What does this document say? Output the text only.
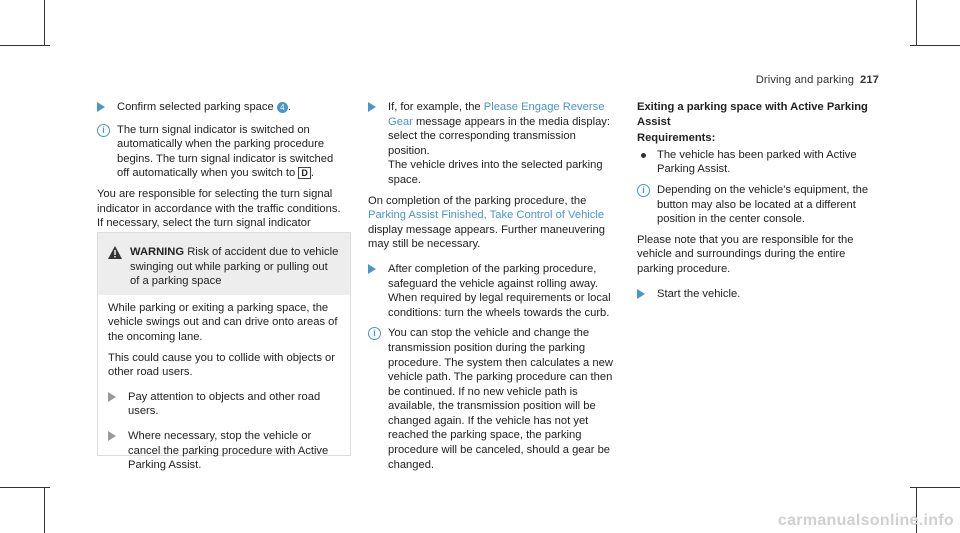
Driving and parking 217
Confirm selected parking space 4 .
i	The turn signal indicator is switched on automatically when the parking procedure begins. The turn signal indicator is switched off automatically when you switch to D .

You are responsible for selecting the turn signal indicator in accordance with the traffic conditions. If necessary, select the turn signal indicator

WARNING Risk of accident due to vehicle swinging out while parking or pulling out of a parking space

While parking or exiting a parking space, the vehicle swings out and can drive onto areas of the oncoming lane.

This could cause you to collide with objects or other road users.

Pay attention to objects and other road users.
Where necessary, stop the vehicle or cancel the parking procedure with Active Parking Assist.
If, for example, the Please Engage Reverse Gear message appears in the media display: select the corresponding transmission position.
The vehicle drives into the selected parking space.

On completion of the parking procedure, the Parking Assist Finished, Take Control of Vehicle display message appears. Further maneuvering may still be necessary.

After completion of the parking procedure, safeguard the vehicle against rolling away.
When required by legal requirements or local conditions: turn the wheels towards the curb.
i	You can stop the vehicle and change the transmission position during the parking procedure. The system then calculates a new vehicle path. The parking procedure can then be continued. If no new vehicle path is available, the transmission position will be changed again. If the vehicle has not yet reached the parking space, the parking procedure will be canceled, should a gear be changed.
Exiting a parking space with Active Parking Assist
Requirements:
The vehicle has been parked with Active Parking Assist.
i	Depending on the vehicle's equipment, the button may also be located at a different position in the center console.

Please note that you are responsible for the vehicle and surroundings during the entire parking procedure.

Start the vehicle.
carmanualsonline.info
